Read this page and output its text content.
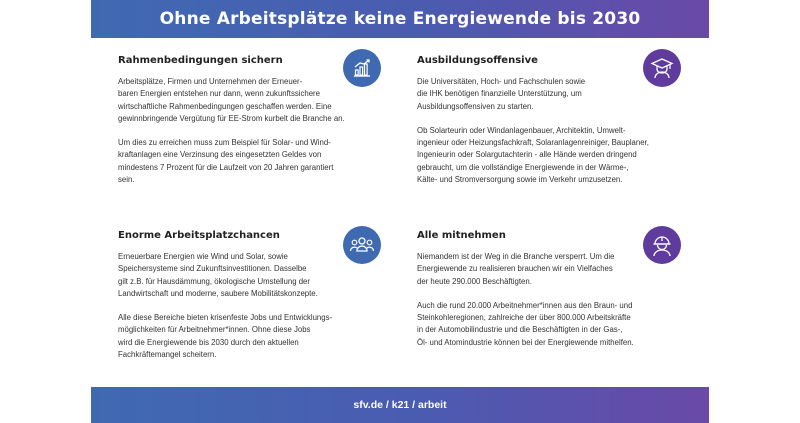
Ohne Arbeitsplätze keine Energiewende bis 2030
Rahmenbedingungen sichern

Arbeitsplätze, Firmen und Unternehmen der Erneuer-
baren Energien entstehen nur dann, wenn zukunftssichere
wirtschaftliche Rahmenbedingungen geschaffen werden. Eine
gewinnbringende Vergütung für EE-Strom kurbelt die Branche an.

Um dies zu erreichen muss zum Beispiel für Solar- und Wind-
kraftanlagen eine Verzinsung des eingesetzten Geldes von
mindestens 7 Prozent für die Laufzeit von 20 Jahren garantiert
sein.

Ausbildungsoffensive

Die Universitäten, Hoch- und Fachschulen sowie
die IHK benötigen finanzielle Unterstützung, um
Ausbildungsoffensiven zu starten.

Ob Solarteurin oder Windanlagenbauer, Architektin, Umwelt-
ingenieur oder Heizungsfachkraft, Solaranlagenreiniger, Bauplaner,
Ingenieurin oder Solargutachterin - alle Hände werden dringend
gebraucht, um die vollständige Energiewende in der Wärme-,
Kälte- und Stromversorgung sowie im Verkehr umzusetzen.

Enorme Arbeitsplatzchancen

Erneuerbare Energien wie Wind und Solar, sowie
Speichersysteme sind Zukunftsinvestitionen. Dasselbe
gilt z.B. für Hausdämmung, ökologische Umstellung der
Landwirtschaft und moderne, saubere Mobilitätskonzepte.

Alle diese Bereiche bieten krisenfeste Jobs und Entwicklungs-
möglichkeiten für Arbeitnehmer*innen. Ohne diese Jobs
wird die Energiewende bis 2030 durch den aktuellen
Fachkräftemangel scheitern.

Alle mitnehmen

Niemandem ist der Weg in die Branche versperrt. Um die
Energiewende zu realisieren brauchen wir ein Vielfaches
der heute 290.000 Beschäftigten.

Auch die rund 20.000 Arbeitnehmer*innen aus den Braun- und
Steinkohleregionen, zahlreiche der über 800.000 Arbeitskräfte
in der Automobilindustrie und die Beschäftigten in der Gas-,
Öl- und Atomindustrie können bei der Energiewende mithelfen.

sfv.de / k21 / arbeit
